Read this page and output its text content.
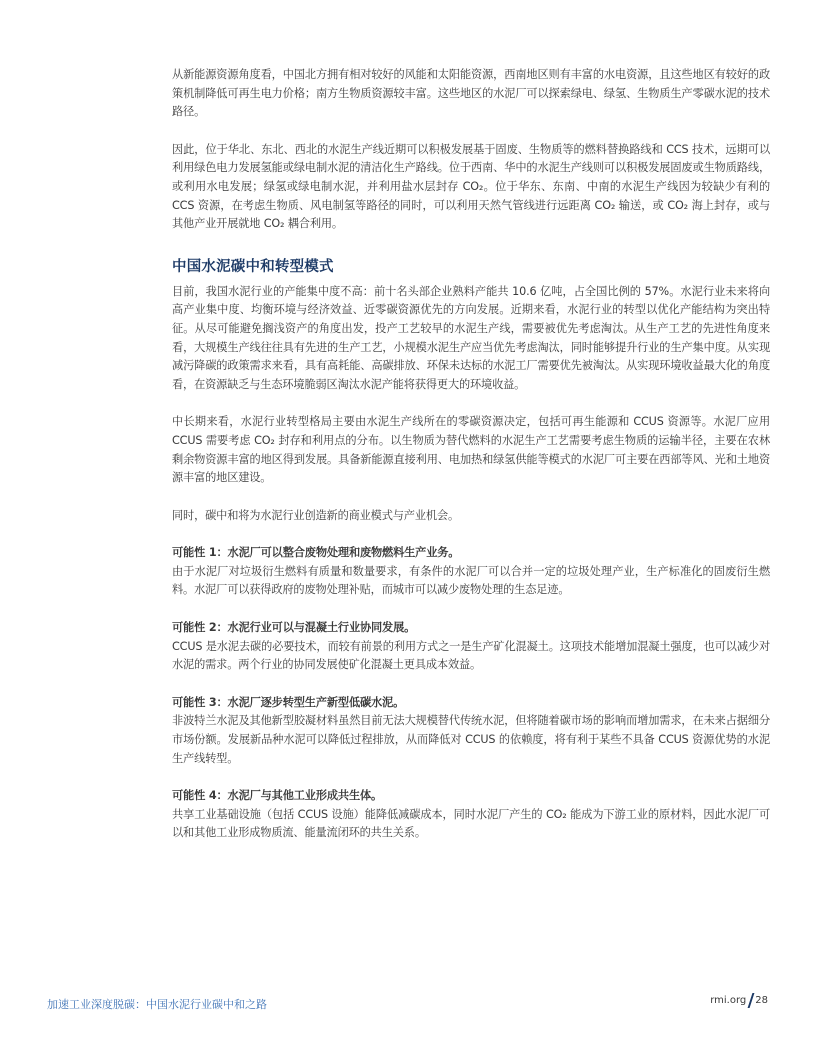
从新能源资源角度看，中国北方拥有相对较好的风能和太阳能资源，西南地区则有丰富的水电资源，且这些地区有较好的政策机制降低可再生电力价格；南方生物质资源较丰富。这些地区的水泥厂可以探索绿电、绿氢、生物质生产零碳水泥的技术路径。

因此，位于华北、东北、西北的水泥生产线近期可以积极发展基于固废、生物质等的燃料替换路线和 CCS 技术，远期可以利用绿色电力发展氢能或绿电制水泥的清洁化生产路线。位于西南、华中的水泥生产线则可以积极发展固废或生物质路线，或利用水电发展；绿氢或绿电制水泥，并利用盐水层封存 CO₂。位于华东、东南、中南的水泥生产线因为较缺少有利的 CCS 资源，在考虑生物质、风电制氢等路径的同时，可以利用天然气管线进行远距离 CO₂ 输送，或 CO₂ 海上封存，或与其他产业开展就地 CO₂ 耦合利用。

中国水泥碳中和转型模式

目前，我国水泥行业的产能集中度不高：前十名头部企业熟料产能共 10.6 亿吨，占全国比例的 57%。水泥行业未来将向高产业集中度、均衡环境与经济效益、近零碳资源优先的方向发展。近期来看，水泥行业的转型以优化产能结构为突出特征。从尽可能避免搁浅资产的角度出发，投产工艺较早的水泥生产线，需要被优先考虑淘汰。从生产工艺的先进性角度来看，大规模生产线往往具有先进的生产工艺，小规模水泥生产应当优先考虑淘汰，同时能够提升行业的生产集中度。从实现减污降碳的政策需求来看，具有高耗能、高碳排放、环保未达标的水泥工厂需要优先被淘汰。从实现环境收益最大化的角度看，在资源缺乏与生态环境脆弱区淘汰水泥产能将获得更大的环境收益。

中长期来看，水泥行业转型格局主要由水泥生产线所在的零碳资源决定，包括可再生能源和 CCUS 资源等。水泥厂应用 CCUS 需要考虑 CO₂ 封存和利用点的分布。以生物质为替代燃料的水泥生产工艺需要考虑生物质的运输半径，主要在农林剩余物资源丰富的地区得到发展。具备新能源直接利用、电加热和绿氢供能等模式的水泥厂可主要在西部等风、光和土地资源丰富的地区建设。

同时，碳中和将为水泥行业创造新的商业模式与产业机会。

可能性 1：水泥厂可以整合废物处理和废物燃料生产业务。

由于水泥厂对垃圾衍生燃料有质量和数量要求，有条件的水泥厂可以合并一定的垃圾处理产业，生产标准化的固废衍生燃料。水泥厂可以获得政府的废物处理补贴，而城市可以减少废物处理的生态足迹。

可能性 2：水泥行业可以与混凝土行业协同发展。

CCUS 是水泥去碳的必要技术，而较有前景的利用方式之一是生产矿化混凝土。这项技术能增加混凝土强度，也可以减少对水泥的需求。两个行业的协同发展使矿化混凝土更具成本效益。

可能性 3：水泥厂逐步转型生产新型低碳水泥。

非波特兰水泥及其他新型胶凝材料虽然目前无法大规模替代传统水泥，但将随着碳市场的影响而增加需求，在未来占据细分市场份额。发展新品种水泥可以降低过程排放，从而降低对 CCUS 的依赖度，将有利于某些不具备 CCUS 资源优势的水泥生产线转型。

可能性 4：水泥厂与其他工业形成共生体。

共享工业基础设施（包括 CCUS 设施）能降低减碳成本，同时水泥厂产生的 CO₂ 能成为下游工业的原材料，因此水泥厂可以和其他工业形成物质流、能量流闭环的共生关系。

加速工业深度脱碳：中国水泥行业碳中和之路	rmi.org 28
